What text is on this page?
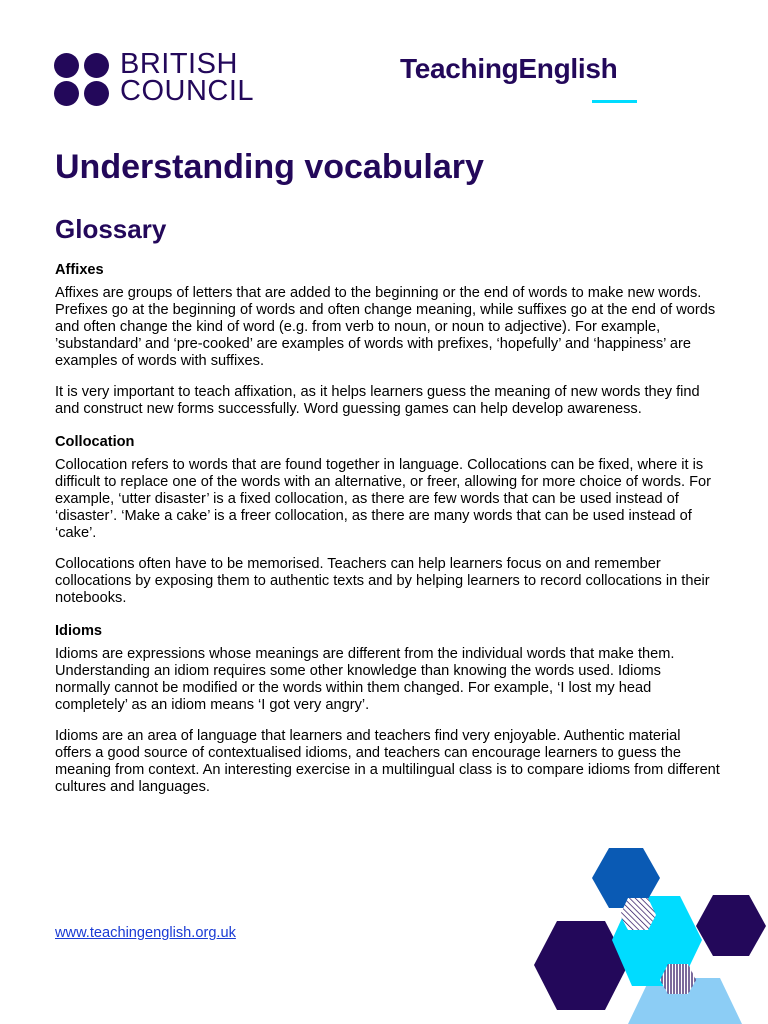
BRITISH
COUNCIL
TeachingEnglish
Understanding vocabulary
Glossary
Affixes

Affixes are groups of letters that are added to the beginning or the end of words to make new words. Prefixes go at the beginning of words and often change meaning, while suffixes go at the end of words and often change the kind of word (e.g. from verb to noun, or noun to adjective). For example, ’substandard’ and ‘pre-cooked’ are examples of words with prefixes, ‘hopefully’ and ‘happiness’ are examples of words with suffixes.

It is very important to teach affixation, as it helps learners guess the meaning of new words they find and construct new forms successfully. Word guessing games can help develop awareness.

Collocation

Collocation refers to words that are found together in language. Collocations can be fixed, where it is difficult to replace one of the words with an alternative, or freer, allowing for more choice of words. For example, ‘utter disaster’ is a fixed collocation, as there are few words that can be used instead of ‘disaster’. ‘Make a cake’ is a freer collocation, as there are many words that can be used instead of ‘cake’.

Collocations often have to be memorised. Teachers can help learners focus on and remember collocations by exposing them to authentic texts and by helping learners to record collocations in their notebooks.

Idioms

Idioms are expressions whose meanings are different from the individual words that make them. Understanding an idiom requires some other knowledge than knowing the words used. Idioms normally cannot be modified or the words within them changed. For example, ‘I lost my head completely’ as an idiom means ‘I got very angry’.

Idioms are an area of language that learners and teachers find very enjoyable. Authentic material offers a good source of contextualised idioms, and teachers can encourage learners to guess the meaning from context. An interesting exercise in a multilingual class is to compare idioms from different cultures and languages.

www.teachingenglish.org.uk
